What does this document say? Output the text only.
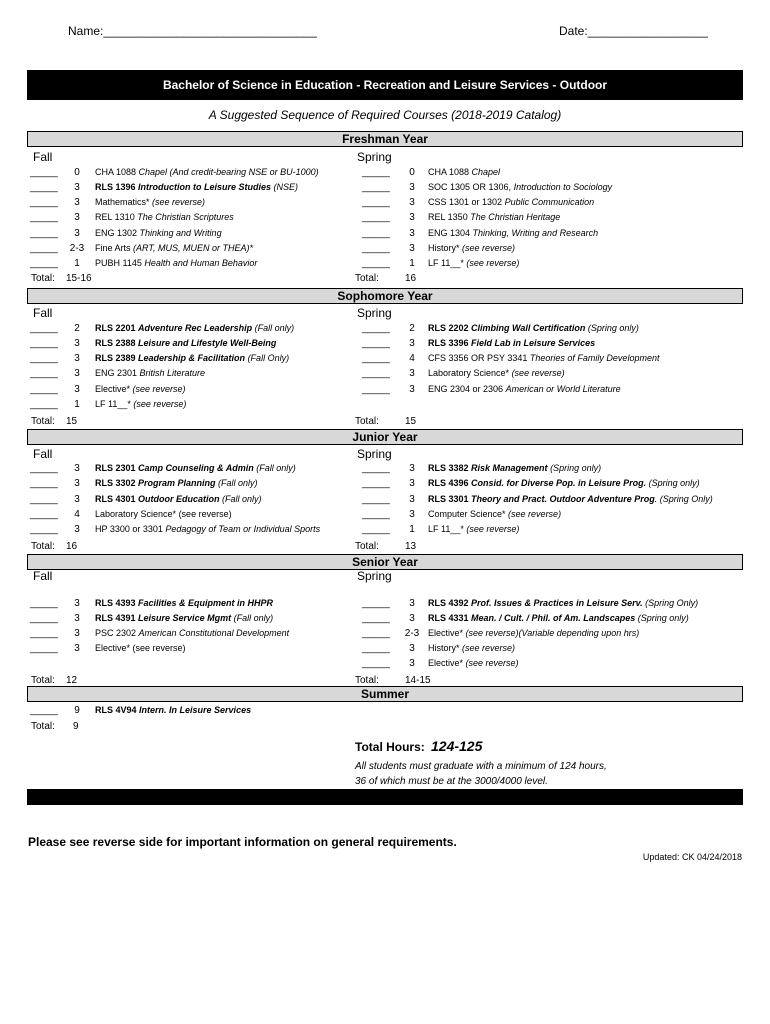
Name:________________________________	Date:__________________
Bachelor of Science in Education - Recreation and Leisure Services - Outdoor
A Suggested Sequence of Required Courses (2018-2019 Catalog)
Freshman Year
Fall	Spring
_____	0	CHA 1088 Chapel (And credit-bearing NSE or BU-1000)
_____	3	RLS 1396 Introduction to Leisure Studies (NSE)
_____	3	Mathematics* (see reverse)
_____	3	REL 1310 The Christian Scriptures
_____	3	ENG 1302 Thinking and Writing
_____	2-3	Fine Arts (ART, MUS, MUEN or THEA)*
_____	1	PUBH 1145 Health and Human Behavior
_____	0	CHA 1088 Chapel
_____	3	SOC 1305 OR 1306, Introduction to Sociology
_____	3	CSS 1301 or 1302 Public Communication
_____	3	REL 1350 The Christian Heritage
_____	3	ENG 1304 Thinking, Writing and Research
_____	3	History* (see reverse)
_____	1	LF 11__* (see reverse)
Total: 15-16	Total:	16
Sophomore Year
Fall	Spring
_____	2	RLS 2201 Adventure Rec Leadership (Fall only)
_____	3	RLS 2388 Leisure and Lifestyle Well-Being
_____	3	RLS 2389 Leadership & Facilitation (Fall Only)
_____	3	ENG 2301 British Literature
_____	3	Elective* (see reverse)
_____	1	LF 11__* (see reverse)
_____	2	RLS 2202 Climbing Wall Certification (Spring only)
_____	3	RLS 3396 Field Lab in Leisure Services
_____	4	CFS 3356 OR PSY 3341 Theories of Family Development
_____	3	Laboratory Science* (see reverse)
_____	3	ENG 2304 or 2306 American or World Literature
Total: 15	Total:	15
Junior Year
Fall	Spring
_____	3	RLS 2301 Camp Counseling & Admin (Fall only)
_____	3	RLS 3302 Program Planning (Fall only)
_____	3	RLS 4301 Outdoor Education (Fall only)
_____	4	Laboratory Science* (see reverse)
_____	3	HP 3300 or 3301 Pedagogy of Team or Individual Sports
_____	3	RLS 3382 Risk Management (Spring only)
_____	3	RLS 4396 Consid. for Diverse Pop. in Leisure Prog. (Spring only)
_____	3	RLS 3301 Theory and Pract. Outdoor Adventure Prog. (Spring Only)
_____	3	Computer Science* (see reverse)
_____	1	LF 11__* (see reverse)
Total: 16	Total:	13
Senior Year
Fall	Spring
_____	3	RLS 4393 Facilities & Equipment in HHPR
_____	3	RLS 4391 Leisure Service Mgmt (Fall only)
_____	3	PSC 2302 American Constitutional Development
_____	3	Elective* (see reverse)
_____	3	RLS 4392 Prof. Issues & Practices in Leisure Serv. (Spring Only)
_____	3	RLS 4331 Mean. / Cult. / Phil. of Am. Landscapes (Spring only)
_____	2-3 Elective* (see reverse)(Variable depending upon hrs)
_____	3	History* (see reverse)
_____	3	Elective* (see reverse)
Total: 12	Total:	14-15
Summer
_____	9	RLS 4V94 Intern. In Leisure Services
Total: 9
Total Hours: 124-125
All students must graduate with a minimum of 124 hours,
36 of which must be at the 3000/4000 level.
Please see reverse side for important information on general requirements.
Updated: CK 04/24/2018
